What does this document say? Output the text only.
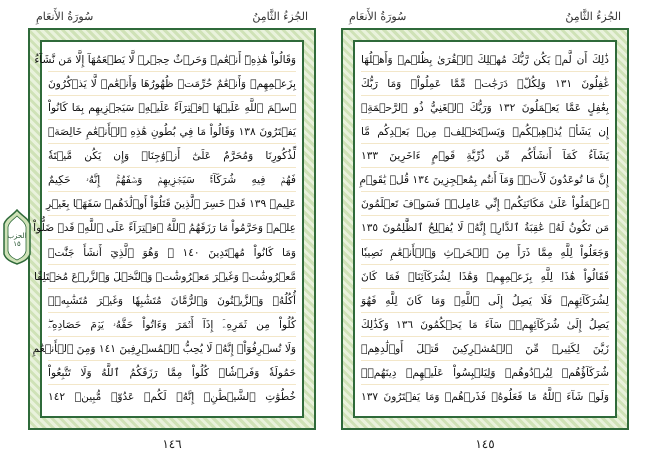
سُورَةُ الأَنعَامِ	الجُزءُ الثَّامِنُ
وَقَالُواْ هَٰذِهِۦٓ أَنۡعَٰمٞ وَحَرۡثٌ حِجۡرٞ لَّا يَطۡعَمُهَآ إِلَّا مَن نَّشَآءُ
بِزَعۡمِهِمۡ وَأَنۡعَٰمٌ حُرِّمَتۡ ظُهُورُهَا وَأَنۡعَٰمٞ لَّا يَذۡكُرُونَ
ٱسۡمَ ٱللَّهِ عَلَيۡهَا ٱفۡتِرَآءً عَلَيۡهِۚ سَيَجۡزِيهِم بِمَا كَانُواْ
يَفۡتَرُونَ ١٣٨ وَقَالُواْ مَا فِي بُطُونِ هَٰذِهِ ٱلۡأَنۡعَٰمِ خَالِصَةٞ
لِّذُكُورِنَا وَمُحَرَّمٌ عَلَىٰٓ أَزۡوَٰجِنَاۖ وَإِن يَكُن مَّيۡتَةٗ
فَهُمۡ فِيهِ شُرَكَآءُۚ سَيَجۡزِيهِمۡ وَصۡفَهُمۡۚ إِنَّهُۥ حَكِيمٌ
عَلِيمٞ ١٣٩ قَدۡ خَسِرَ ٱلَّذِينَ قَتَلُوٓاْ أَوۡلَٰدَهُمۡ سَفَهَۢا بِغَيۡرِ
عِلۡمٖ وَحَرَّمُواْ مَا رَزَقَهُمُ ٱللَّهُ ٱفۡتِرَآءً عَلَى ٱللَّهِۚ قَدۡ ضَلُّواْ
وَمَا كَانُواْ مُهۡتَدِينَ ١٤٠ ۞ وَهُوَ ٱلَّذِيٓ أَنشَأَ جَنَّٰتٖ
مَّعۡرُوشَٰتٖ وَغَيۡرَ مَعۡرُوشَٰتٖ وَٱلنَّخۡلَ وَٱلزَّرۡعَ مُخۡتَلِفًا
أُكُلُهُۥ وَٱلزَّيۡتُونَ وَٱلرُّمَّانَ مُتَشَٰبِهٗا وَغَيۡرَ مُتَشَٰبِهٖۚ
كُلُواْ مِن ثَمَرِهِۦٓ إِذَآ أَثۡمَرَ وَءَاتُواْ حَقَّهُۥ يَوۡمَ حَصَادِهِۦۖ
وَلَا تُسۡرِفُوٓاْۚ إِنَّهُۥ لَا يُحِبُّ ٱلۡمُسۡرِفِينَ ١٤١ وَمِنَ ٱلۡأَنۡعَٰمِ
حَمُولَةٗ وَفَرۡشٗاۚ كُلُواْ مِمَّا رَزَقَكُمُ ٱللَّهُ وَلَا تَتَّبِعُواْ
خُطُوَٰتِ ٱلشَّيۡطَٰنِۚ إِنَّهُۥ لَكُمۡ عَدُوّٞ مُّبِينٞ ١٤٢
١٤٦
سُورَةُ الأَنعَامِ	الجُزءُ الثَّامِنُ
ذَٰلِكَ أَن لَّمۡ يَكُن رَّبُّكَ مُهۡلِكَ ٱلۡقُرَىٰ بِظُلۡمٖ وَأَهۡلُهَا
غَٰفِلُونَ ١٣١ وَلِكُلّٖ دَرَجَٰتٞ مِّمَّا عَمِلُواْۚ وَمَا رَبُّكَ
بِغَٰفِلٍ عَمَّا يَعۡمَلُونَ ١٣٢ وَرَبُّكَ ٱلۡغَنِيُّ ذُو ٱلرَّحۡمَةِۚ
إِن يَشَأۡ يُذۡهِبۡكُمۡ وَيَسۡتَخۡلِفۡ مِنۢ بَعۡدِكُم مَّا
يَشَآءُ كَمَآ أَنشَأَكُم مِّن ذُرِّيَّةِ قَوۡمٍ ءَاخَرِينَ ١٣٣
إِنَّ مَا تُوعَدُونَ لَأٓتٖۖ وَمَآ أَنتُم بِمُعۡجِزِينَ ١٣٤ قُلۡ يَٰقَوۡمِ
ٱعۡمَلُواْ عَلَىٰ مَكَانَتِكُمۡ إِنِّي عَامِلٞۖ فَسَوۡفَ تَعۡلَمُونَ
مَن تَكُونُ لَهُۥ عَٰقِبَةُ ٱلدَّارِۚ إِنَّهُۥ لَا يُفۡلِحُ ٱلظَّٰلِمُونَ ١٣٥
وَجَعَلُواْ لِلَّهِ مِمَّا ذَرَأَ مِنَ ٱلۡحَرۡثِ وَٱلۡأَنۡعَٰمِ نَصِيبٗا
فَقَالُواْ هَٰذَا لِلَّهِ بِزَعۡمِهِمۡ وَهَٰذَا لِشُرَكَآئِنَاۖ فَمَا كَانَ
لِشُرَكَآئِهِمۡ فَلَا يَصِلُ إِلَى ٱللَّهِۖ وَمَا كَانَ لِلَّهِ فَهُوَ
يَصِلُ إِلَىٰ شُرَكَآئِهِمۡۗ سَآءَ مَا يَحۡكُمُونَ ١٣٦ وَكَذَٰلِكَ
زَيَّنَ لِكَثِيرٖ مِّنَ ٱلۡمُشۡرِكِينَ قَتۡلَ أَوۡلَٰدِهِمۡ
شُرَكَآؤُهُمۡ لِيُرۡدُوهُمۡ وَلِيَلۡبِسُواْ عَلَيۡهِمۡ دِينَهُمۡۖ
وَلَوۡ شَآءَ ٱللَّهُ مَا فَعَلُوهُۖ فَذَرۡهُمۡ وَمَا يَفۡتَرُونَ ١٣٧
١٤٥
الحزب
١٥
